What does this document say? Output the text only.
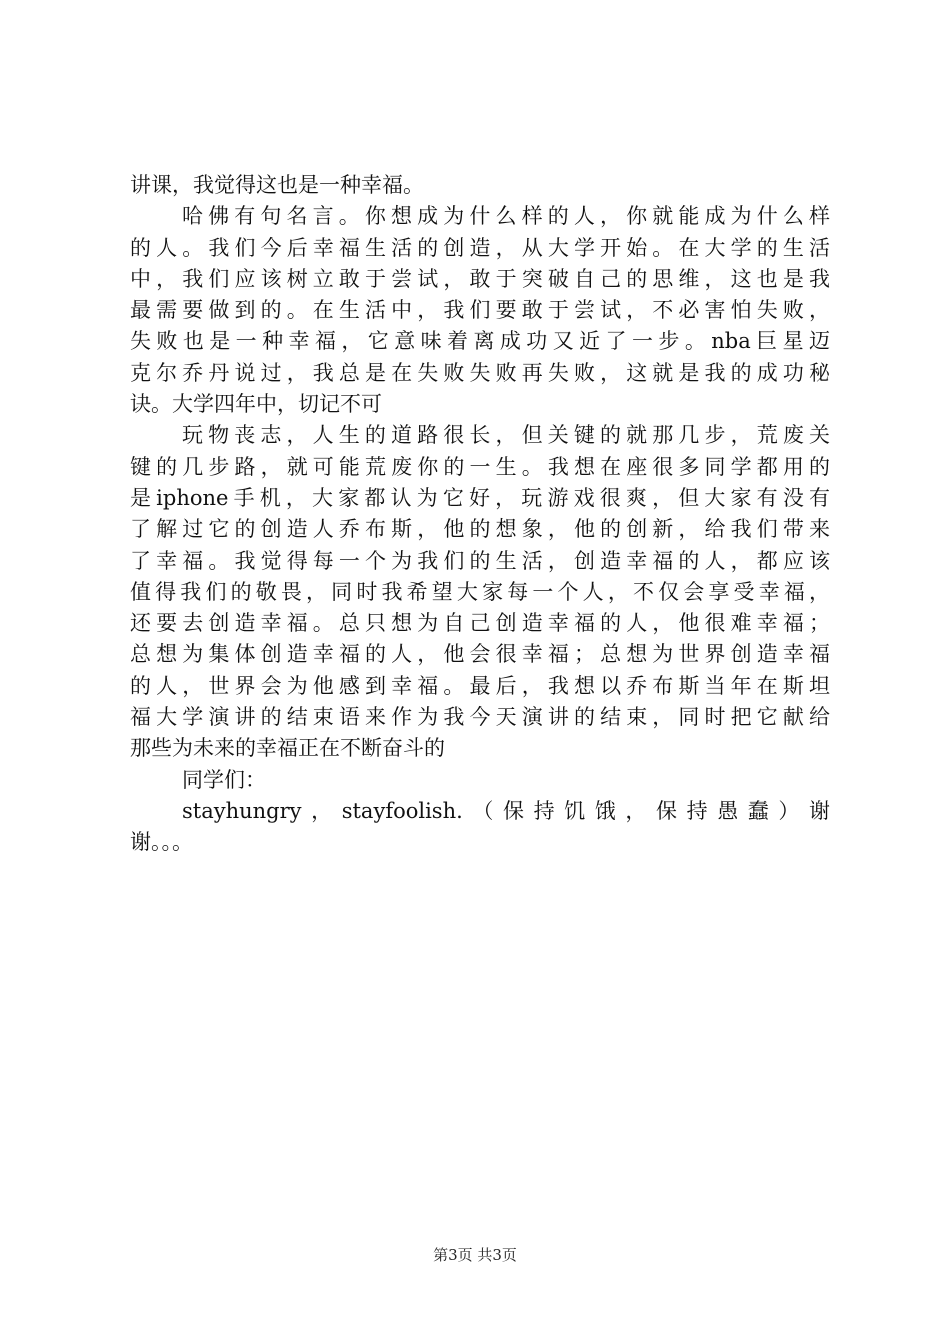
讲课，我觉得这也是一种幸福。
哈佛有句名言。你想成为什么样的人，你就能成为什么样
的人。我们今后幸福生活的创造，从大学开始。在大学的生活
中，我们应该树立敢于尝试，敢于突破自己的思维，这也是我
最需要做到的。在生活中，我们要敢于尝试，不必害怕失败，
失败也是一种幸福，它意味着离成功又近了一步。nba巨星迈
克尔乔丹说过，我总是在失败失败再失败，这就是我的成功秘
诀。大学四年中，切记不可
玩物丧志，人生的道路很长，但关键的就那几步，荒废关
键的几步路，就可能荒废你的一生。我想在座很多同学都用的
是iphone手机，大家都认为它好，玩游戏很爽，但大家有没有
了解过它的创造人乔布斯，他的想象，他的创新，给我们带来
了幸福。我觉得每一个为我们的生活，创造幸福的人，都应该
值得我们的敬畏，同时我希望大家每一个人，不仅会享受幸福，
还要去创造幸福。总只想为自己创造幸福的人，他很难幸福；
总想为集体创造幸福的人，他会很幸福；总想为世界创造幸福
的人，世界会为他感到幸福。最后，我想以乔布斯当年在斯坦
福大学演讲的结束语来作为我今天演讲的结束，同时把它献给
那些为未来的幸福正在不断奋斗的
同学们：
stayhungry，stayfoolish.（保持饥饿，保持愚蠢）谢
谢。。。
第3页 共3页
